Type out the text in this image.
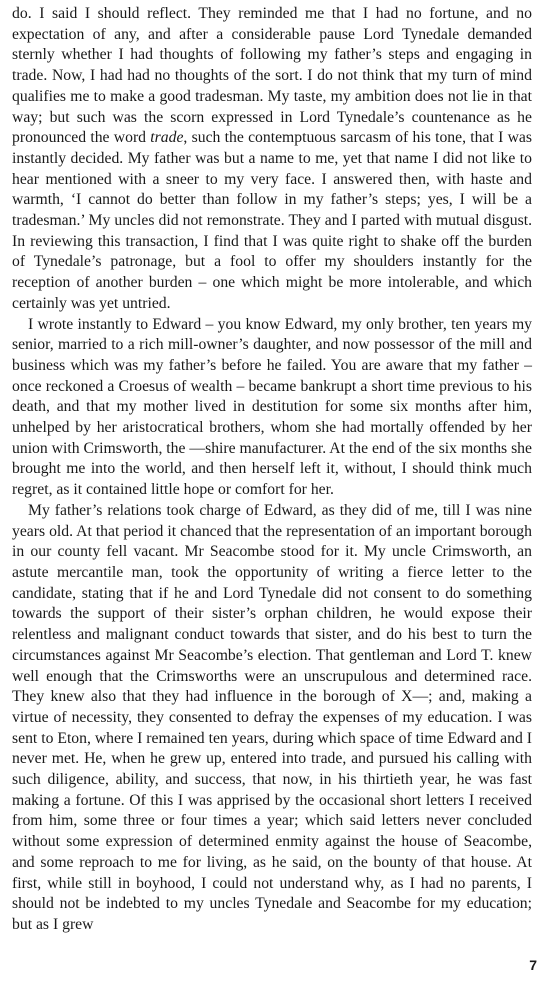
do. I said I should reflect. They reminded me that I had no fortune, and no expectation of any, and after a considerable pause Lord Tynedale demanded sternly whether I had thoughts of following my father’s steps and engaging in trade. Now, I had had no thoughts of the sort. I do not think that my turn of mind qualifies me to make a good tradesman. My taste, my ambition does not lie in that way; but such was the scorn expressed in Lord Tynedale’s countenance as he pronounced the word trade, such the contemptuous sarcasm of his tone, that I was instantly decided. My father was but a name to me, yet that name I did not like to hear mentioned with a sneer to my very face. I answered then, with haste and warmth, ‘I cannot do better than follow in my father’s steps; yes, I will be a tradesman.’ My uncles did not remonstrate. They and I parted with mutual disgust. In reviewing this transaction, I find that I was quite right to shake off the burden of Tynedale’s patronage, but a fool to offer my shoulders instantly for the reception of another burden – one which might be more intolerable, and which certainly was yet untried.

I wrote instantly to Edward – you know Edward, my only brother, ten years my senior, married to a rich mill-owner’s daughter, and now possessor of the mill and business which was my father’s before he failed. You are aware that my father – once reckoned a Croesus of wealth – became bankrupt a short time previous to his death, and that my mother lived in destitution for some six months after him, unhelped by her aristocratical brothers, whom she had mortally offended by her union with Crimsworth, the —shire manufacturer. At the end of the six months she brought me into the world, and then herself left it, without, I should think much regret, as it contained little hope or comfort for her.

My father’s relations took charge of Edward, as they did of me, till I was nine years old. At that period it chanced that the representation of an important borough in our county fell vacant. Mr Seacombe stood for it. My uncle Crimsworth, an astute mercantile man, took the opportunity of writing a fierce letter to the candidate, stating that if he and Lord Tynedale did not consent to do something towards the support of their sister’s orphan children, he would expose their relentless and malignant conduct towards that sister, and do his best to turn the circumstances against Mr Seacombe’s election. That gentleman and Lord T. knew well enough that the Crimsworths were an unscrupulous and determined race. They knew also that they had influence in the borough of X—; and, making a virtue of necessity, they consented to defray the expenses of my education. I was sent to Eton, where I remained ten years, during which space of time Edward and I never met. He, when he grew up, entered into trade, and pursued his calling with such diligence, ability, and success, that now, in his thirtieth year, he was fast making a fortune. Of this I was apprised by the occasional short letters I received from him, some three or four times a year; which said letters never concluded without some expression of determined enmity against the house of Seacombe, and some reproach to me for living, as he said, on the bounty of that house. At first, while still in boyhood, I could not understand why, as I had no parents, I should not be indebted to my uncles Tynedale and Seacombe for my education; but as I grew

7
